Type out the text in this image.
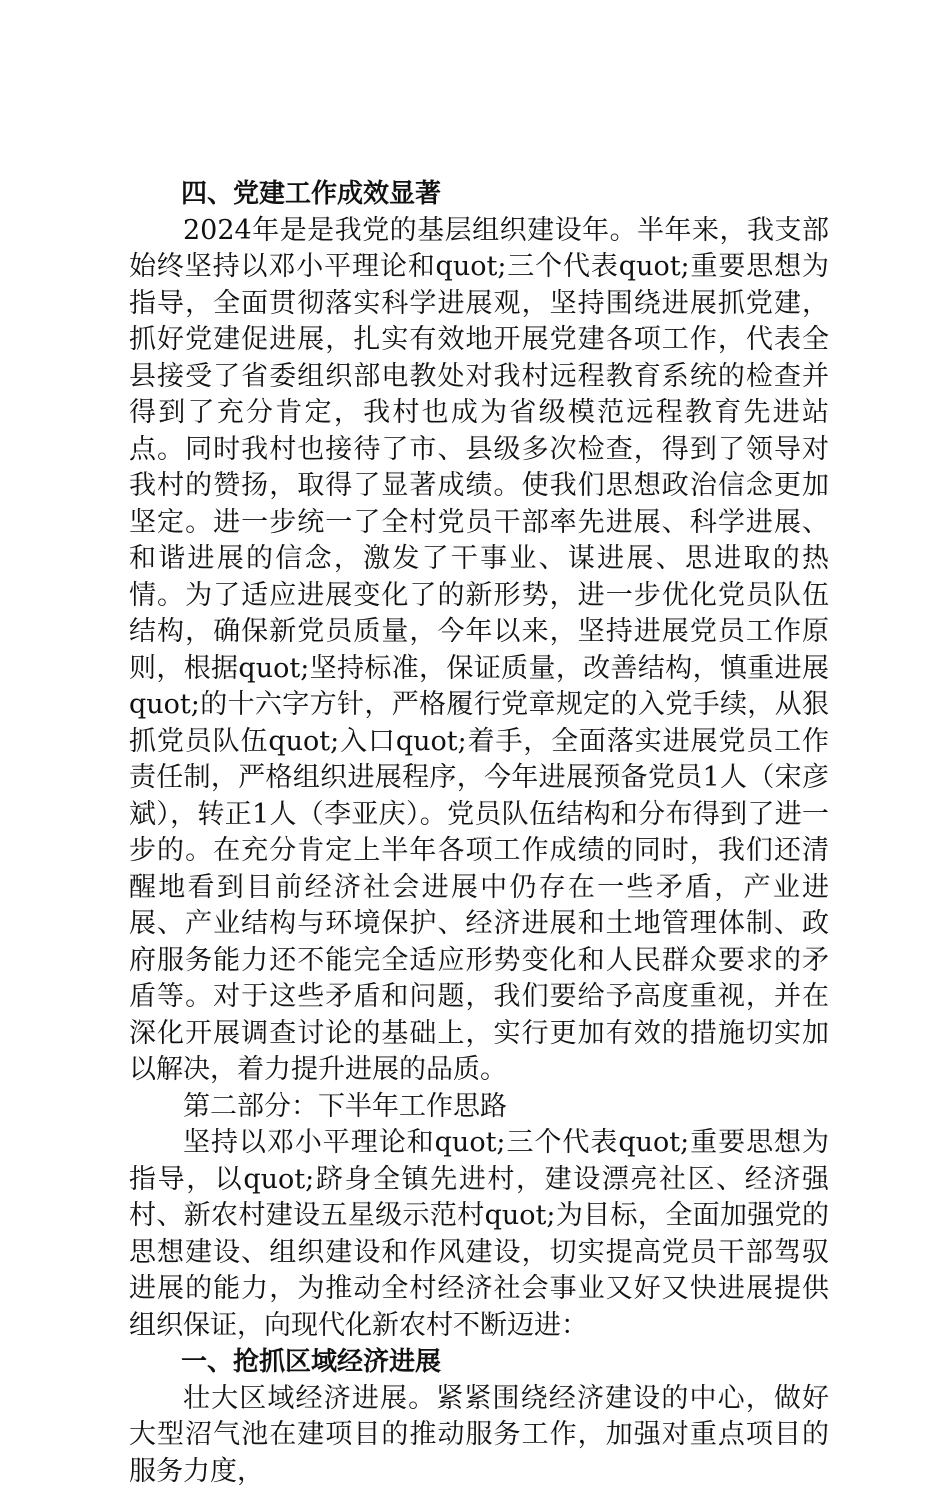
四、党建工作成效显著

2024年是是我党的基层组织建设年。半年来，我支部始终坚持以邓小平理论和quot;三个代表quot;重要思想为指导，全面贯彻落实科学进展观，坚持围绕进展抓党建，抓好党建促进展，扎实有效地开展党建各项工作，代表全县接受了省委组织部电教处对我村远程教育系统的检查并得到了充分肯定，我村也成为省级模范远程教育先进站点。同时我村也接待了市、县级多次检查，得到了领导对我村的赞扬，取得了显著成绩。使我们思想政治信念更加坚定。进一步统一了全村党员干部率先进展、科学进展、和谐进展的信念，激发了干事业、谋进展、思进取的热情。为了适应进展变化了的新形势，进一步优化党员队伍结构，确保新党员质量，今年以来，坚持进展党员工作原则，根据quot;坚持标准，保证质量，改善结构，慎重进展quot;的十六字方针，严格履行党章规定的入党手续，从狠抓党员队伍quot;入口quot;着手，全面落实进展党员工作责任制，严格组织进展程序，今年进展预备党员1人（宋彦斌），转正1人（李亚庆）。党员队伍结构和分布得到了进一步的。在充分肯定上半年各项工作成绩的同时，我们还清醒地看到目前经济社会进展中仍存在一些矛盾，产业进展、产业结构与环境保护、经济进展和土地管理体制、政府服务能力还不能完全适应形势变化和人民群众要求的矛盾等。对于这些矛盾和问题，我们要给予高度重视，并在深化开展调查讨论的基础上，实行更加有效的措施切实加以解决，着力提升进展的品质。

第二部分：下半年工作思路

坚持以邓小平理论和quot;三个代表quot;重要思想为指导，以quot;跻身全镇先进村，建设漂亮社区、经济强村、新农村建设五星级示范村quot;为目标，全面加强党的思想建设、组织建设和作风建设，切实提高党员干部驾驭进展的能力，为推动全村经济社会事业又好又快进展提供组织保证，向现代化新农村不断迈进：

一、抢抓区域经济进展

壮大区域经济进展。紧紧围绕经济建设的中心，做好大型沼气池在建项目的推动服务工作，加强对重点项目的服务力度，
